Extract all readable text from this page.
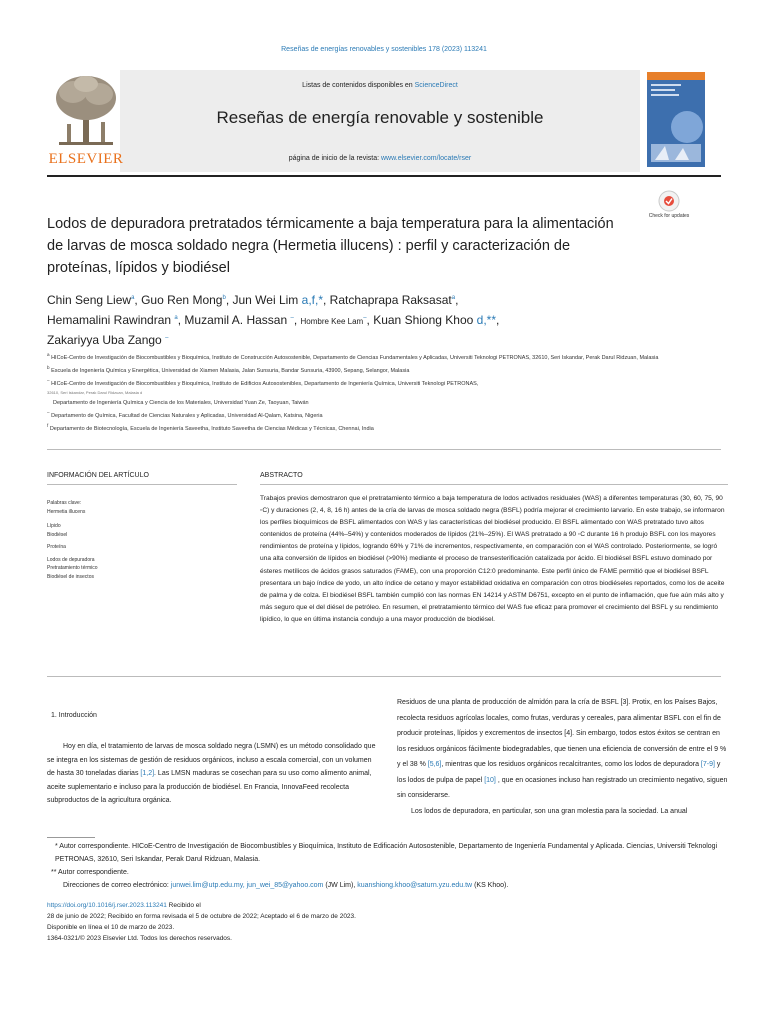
Reseñas de energías renovables y sostenibles 178 (2023) 113241
Listas de contenidos disponibles en ScienceDirect
Reseñas de energía renovable y sostenible
página de inicio de la revista: www.elsevier.com/locate/rser
ELSEVIER
Check for updates
Lodos de depuradora pretratados térmicamente a baja temperatura para la alimentación de larvas de mosca soldado negra (Hermetia illucens) : perfil y caracterización de proteínas, lípidos y biodiésel
Chin Seng Liew$^a$, Guo Ren Mong$^b$, Jun Wei Lim a,f,*, Ratchaprapa Raksasat$^a$,
Hemamalini Rawindran $^a$, Muzamil A. Hassan –, Hombre Kee Lam–, Kuan Shiong Khoo d,**,
Zakariyya Uba Zango –
$^a$ HICoE-Centro de Investigación de Biocombustibles y Bioquímica, Instituto de Construcción Autosostenible, Departamento de Ciencias Fundamentales y Aplicadas, Universiti Teknologi PETRONAS, 32610, Seri Iskandar, Perak Darul Ridzuan, Malasia
$^b$ Escuela de Ingeniería Química y Energética, Universidad de Xiamen Malasia, Jalan Sunsuria, Bandar Sunsuria, 43900, Sepang, Selangor, Malasia
– HICoE-Centro de Investigación de Biocombustibles y Bioquímica, Instituto de Edificios Autosostenibles, Departamento de Ingeniería Química, Universiti Teknologi PETRONAS,
32610, Seri Iskandar, Perak Darul Ridzuan, Malasia d
Departamento de Ingeniería Química y Ciencia de los Materiales, Universidad Yuan Ze, Taoyuan, Taiwán
– Departamento de Química, Facultad de Ciencias Naturales y Aplicadas, Universidad Al-Qalam, Katsina, Nigeria
$^f$ Departamento de Biotecnología, Escuela de Ingeniería Saveetha, Instituto Saveetha de Ciencias Médicas y Técnicas, Chennai, India
INFORMACIÓN DEL ARTÍCULO
Palabras clave:
Hermetia illucens
Lípido
Biodiésel
Proteína
Lodos de depuradora
Pretratamiento térmico
Biodiésel de insectos
ABSTRACTO
Trabajos previos demostraron que el pretratamiento térmico a baja temperatura de lodos activados residuales (WAS) a diferentes temperaturas (30, 60, 75, 90 ◦C) y duraciones (2, 4, 8, 16 h) antes de la cría de larvas de mosca soldado negra (BSFL) podría mejorar el crecimiento larvario. En este trabajo, se informaron los perfiles bioquímicos de BSFL alimentados con WAS y las características del biodiésel producido. El BSFL alimentado con WAS pretratado tuvo altos contenidos de proteína (44%–54%) y contenidos moderados de lípidos (21%–25%). El WAS pretratado a 90 ◦C durante 16 h produjo BSFL con los mayores rendimientos de proteína y lípidos, logrando 69% y 71% de incrementos, respectivamente, en comparación con el WAS controlado. Posteriormente, se logró una alta conversión de lípidos en biodiésel (>90%) mediante el proceso de transesterificación catalizada por ácido. El biodiésel BSFL estuvo dominado por ésteres metílicos de ácidos grasos saturados (FAME), con una proporción C12:0 predominante. Este perfil único de FAME permitió que el biodiésel BSFL presentara un bajo índice de yodo, un alto índice de cetano y mayor estabilidad oxidativa en comparación con otros biodiéseles reportados, como los de aceite de palma y de colza. El biodiésel BSFL también cumplió con las normas EN 14214 y ASTM D6751, excepto en el punto de inflamación, que fue aún más alto y más seguro que el del diésel de petróleo. En resumen, el pretratamiento térmico del WAS fue eficaz para promover el crecimiento del BSFL y su rendimiento lipídico, lo que en última instancia condujo a una mayor producción de biodiésel.
1. Introducción

Hoy en día, el tratamiento de larvas de mosca soldado negra (LSMN) es un método consolidado que se integra en los sistemas de gestión de residuos orgánicos, incluso a escala comercial, con un volumen de hasta 30 toneladas diarias [1,2]. Las LMSN maduras se cosechan para su uso como alimento animal, aceite suplementario e incluso para la producción de biodiésel. En Francia, InnovaFeed recolecta subproductos de la agricultura orgánica.

Residuos de una planta de producción de almidón para la cría de BSFL [3]. Protix, en los Países Bajos, recolecta residuos agrícolas locales, como frutas, verduras y cereales, para alimentar BSFL con el fin de producir proteínas, lípidos y excrementos de insectos [4]. Sin embargo, todos estos éxitos se centran en los residuos orgánicos fácilmente biodegradables, que tienen una eficiencia de conversión de entre el 9 % y el 38 % [5,6], mientras que los residuos orgánicos recalcitrantes, como los lodos de depuradora [7-9] y los lodos de pulpa de papel [10] , que en ocasiones incluso han registrado un crecimiento negativo, siguen sin considerarse.

Los lodos de depuradora, en particular, son una gran molestia para la sociedad. La anual

* Autor correspondiente. HICoE-Centro de Investigación de Biocombustibles y Bioquímica, Instituto de Edificación Autosostenible, Departamento de Ingeniería Fundamental y Aplicada. Ciencias, Universiti Teknologi PETRONAS, 32610, Seri Iskandar, Perak Darul Ridzuan, Malasia.
** Autor correspondiente.
Direcciones de correo electrónico: junwei.lim@utp.edu.my, jun_wei_85@yahoo.com (JW Lim), kuanshiong.khoo@saturn.yzu.edu.tw (KS Khoo).
https://doi.org/10.1016/j.rser.2023.113241 Recibido el
28 de junio de 2022; Recibido en forma revisada el 5 de octubre de 2022; Aceptado el 6 de marzo de 2023.
Disponible en línea el 10 de marzo de 2023.
1364-0321/© 2023 Elsevier Ltd. Todos los derechos reservados.
